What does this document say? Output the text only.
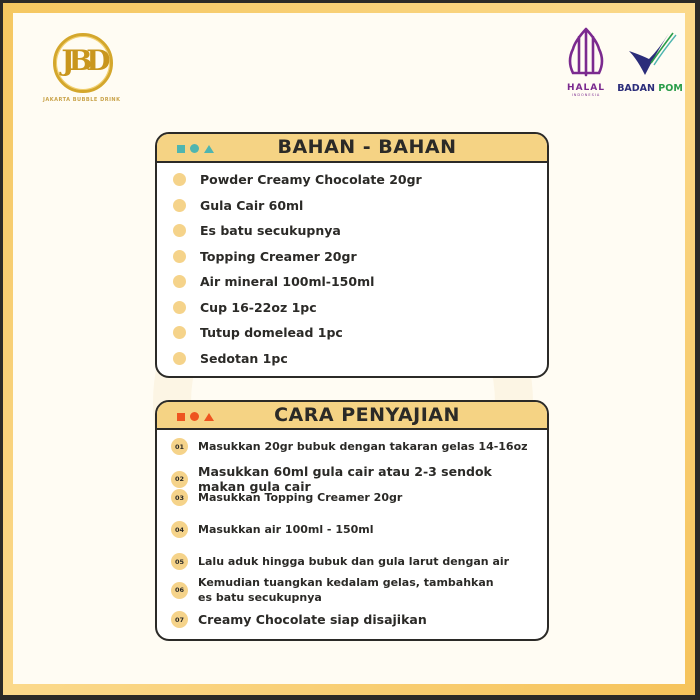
JBD
JAKARTA BUBBLE DRINK
HALAL
INDONESIA
BADAN POM
BAHAN - BAHAN
Powder Creamy Chocolate 20gr
Gula Cair 60ml
Es batu secukupnya
Topping Creamer 20gr
Air mineral 100ml-150ml
Cup 16-22oz 1pc
Tutup domelead 1pc
Sedotan 1pc
CARA PENYAJIAN
01	Masukkan 20gr bubuk dengan takaran gelas 14-16oz
02	Masukkan 60ml gula cair atau 2-3 sendok makan gula cair
03	Masukkan Topping Creamer 20gr
04	Masukkan air 100ml - 150ml
05	Lalu aduk hingga bubuk dan gula larut dengan air
06
Kemudian tuangkan kedalam gelas, tambahkan es batu secukupnya
07	Creamy Chocolate siap disajikan
